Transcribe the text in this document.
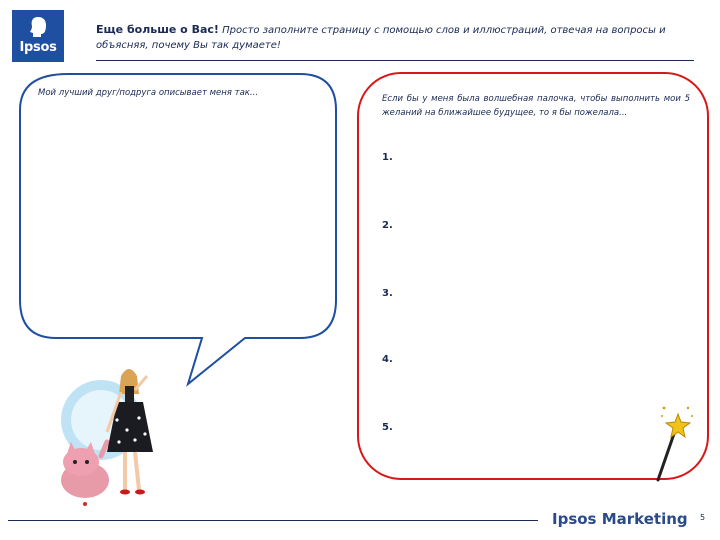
Ipsos
Еще больше о Вас! Просто заполните страницу с помощью слов и иллюстраций, отвечая на вопросы и объясняя, почему Вы так думаете!
Мой лучший друг/подруга описывает меня так...
Если бы у меня была волшебная палочка, чтобы выполнить мои 5 желаний на ближайшее будущее, то я бы пожелала...
1.
2.
3.
4.
5.
Ipsos Marketing 5
